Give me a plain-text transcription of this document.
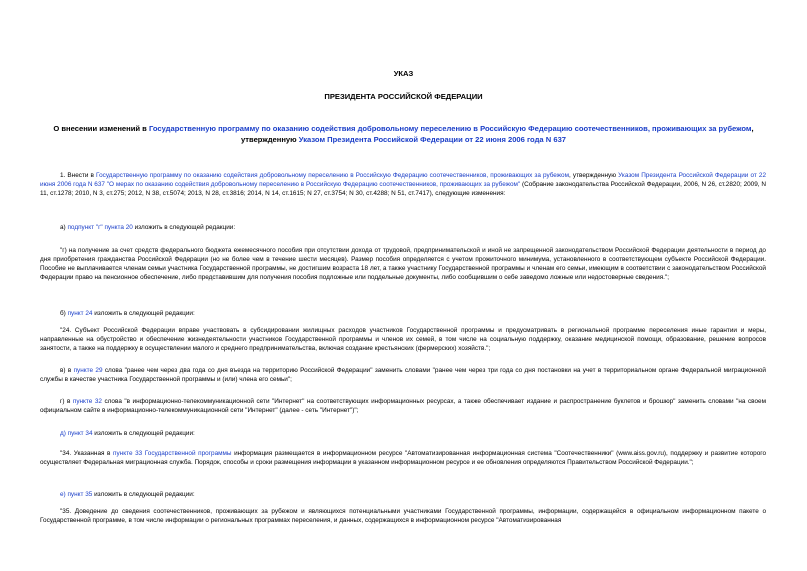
УКАЗ
ПРЕЗИДЕНТА РОССИЙСКОЙ ФЕДЕРАЦИИ
О внесении изменений в Государственную программу по оказанию содействия добровольному переселению в Российскую Федерацию соотечественников, проживающих за рубежом, утвержденную Указом Президента Российской Федерации от 22 июня 2006 года N 637
1. Внести в Государственную программу по оказанию содействия добровольному переселению в Российскую Федерацию соотечественников, проживающих за рубежом, утвержденную Указом Президента Российской Федерации от 22 июня 2006 года N 637 "О мерах по оказанию содействия добровольному переселению в Российскую Федерацию соотечественников, проживающих за рубежом" (Собрание законодательства Российской Федерации, 2006, N 26, ст.2820; 2009, N 11, ст.1278; 2010, N 3, ст.275; 2012, N 38, ст.5074; 2013, N 28, ст.3816; 2014, N 14, ст.1615; N 27, ст.3754; N 30, ст.4288; N 51, ст.7417), следующие изменения:
а) подпункт "г" пункта 20 изложить в следующей редакции:
"г) на получение за счет средств федерального бюджета ежемесячного пособия при отсутствии дохода от трудовой, предпринимательской и иной не запрещенной законодательством Российской Федерации деятельности в период до дня приобретения гражданства Российской Федерации (но не более чем в течение шести месяцев). Размер пособия определяется с учетом прожиточного минимума, установленного в соответствующем субъекте Российской Федерации. Пособие не выплачивается членам семьи участника Государственной программы, не достигшим возраста 18 лет, а также участнику Государственной программы и членам его семьи, имеющим в соответствии с законодательством Российской Федерации право на пенсионное обеспечение, либо представившим для получения пособия подложные или поддельные документы, либо сообщившим о себе заведомо ложные или недостоверные сведения.";
б) пункт 24 изложить в следующей редакции:
"24. Субъект Российской Федерации вправе участвовать в субсидировании жилищных расходов участников Государственной программы и предусматривать в региональной программе переселения иные гарантии и меры, направленные на обустройство и обеспечение жизнедеятельности участников Государственной программы и членов их семей, в том числе на социальную поддержку, оказание медицинской помощи, образование, решение вопросов занятости, а также на поддержку в осуществлении малого и среднего предпринимательства, включая создание крестьянских (фермерских) хозяйств.";
в) в пункте 29 слова "ранее чем через два года со дня въезда на территорию Российской Федерации" заменить словами "ранее чем через три года со дня постановки на учет в территориальном органе Федеральной миграционной службы в качестве участника Государственной программы и (или) члена его семьи";
г) в пункте 32 слова "в информационно-телекоммуникационной сети "Интернет" на соответствующих информационных ресурсах, а также обеспечивает издание и распространение буклетов и брошюр" заменить словами "на своем официальном сайте в информационно-телекоммуникационной сети "Интернет" (далее - сеть "Интернет")";
д) пункт 34 изложить в следующей редакции:
"34. Указанная в пункте 33 Государственной программы информация размещается в информационном ресурсе "Автоматизированная информационная система "Соотечественники" (www.aiss.gov.ru), поддержку и развитие которого осуществляет Федеральная миграционная служба. Порядок, способы и сроки размещения информации в указанном информационном ресурсе и ее обновления определяются Правительством Российской Федерации.";
е) пункт 35 изложить в следующей редакции:
"35. Доведение до сведения соотечественников, проживающих за рубежом и являющихся потенциальными участниками Государственной программы, информации, содержащейся в официальном информационном пакете о Государственной программе, в том числе информации о региональных программах переселения, и данных, содержащихся в информационном ресурсе "Автоматизированная
